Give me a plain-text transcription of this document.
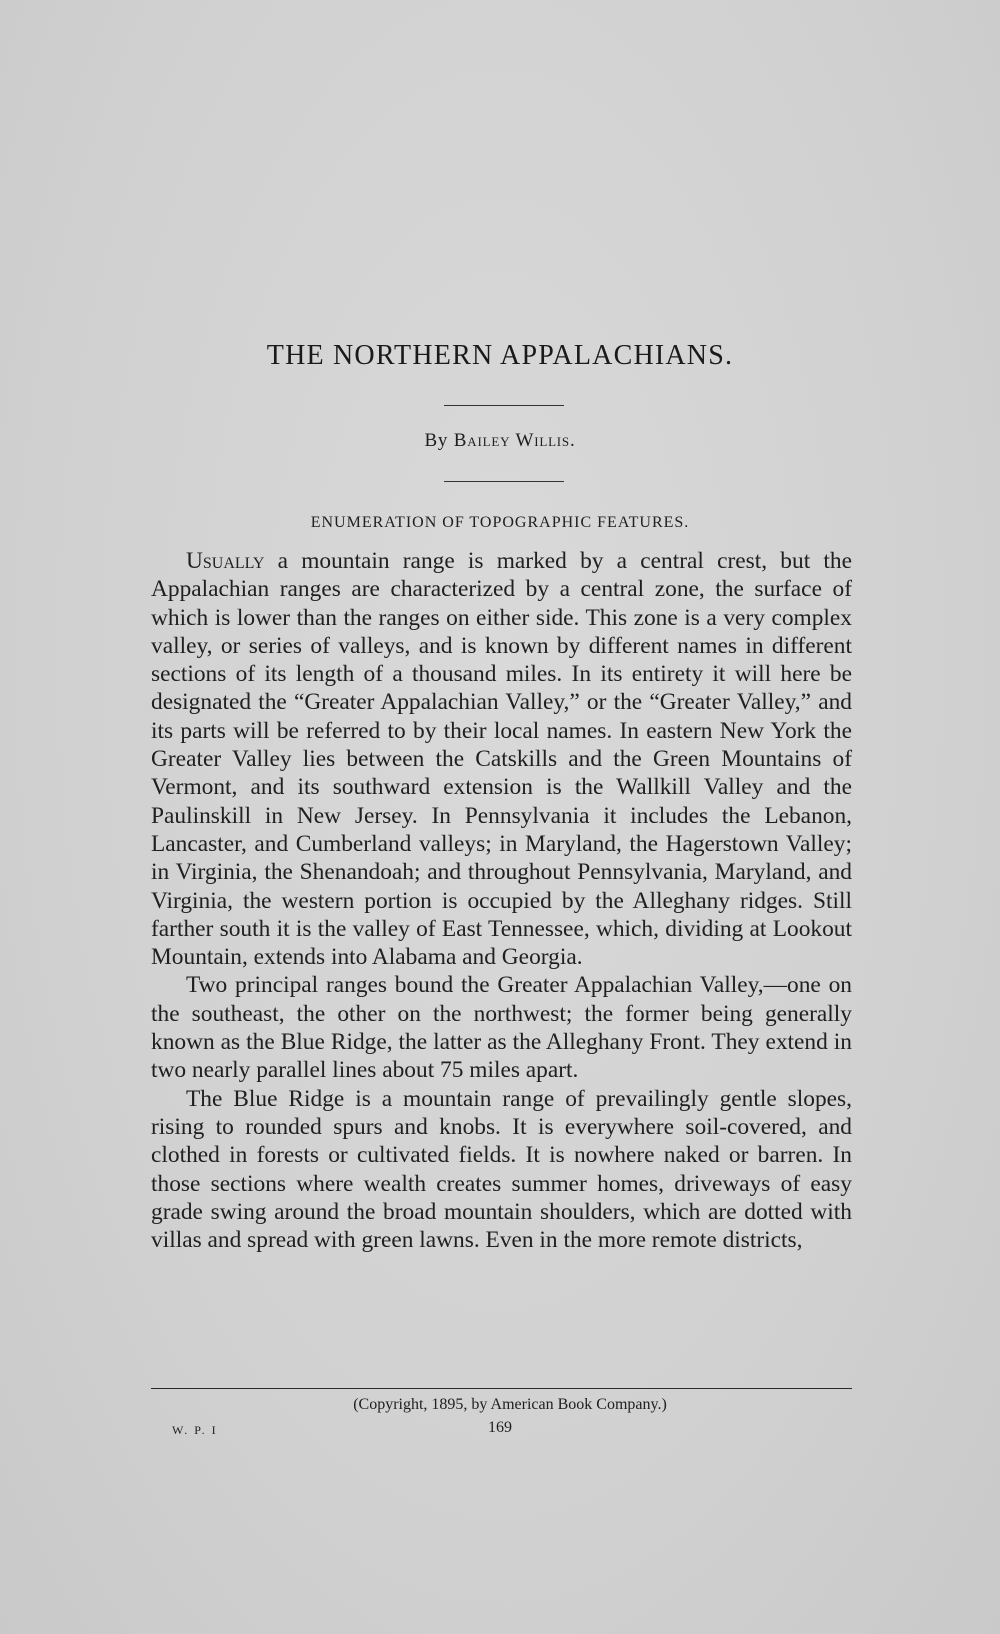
THE NORTHERN APPALACHIANS.
By Bailey Willis.
ENUMERATION OF TOPOGRAPHIC FEATURES.

Usually a mountain range is marked by a central crest, but the Appalachian ranges are characterized by a central zone, the surface of which is lower than the ranges on either side. This zone is a very complex valley, or series of valleys, and is known by different names in different sections of its length of a thousand miles. In its entirety it will here be designated the “Greater Appalachian Valley,” or the “Greater Valley,” and its parts will be referred to by their local names. In eastern New York the Greater Valley lies between the Catskills and the Green Mountains of Vermont, and its southward extension is the Wallkill Valley and the Paulinskill in New Jersey. In Pennsylvania it includes the Lebanon, Lancaster, and Cumberland valleys; in Maryland, the Hagerstown Valley; in Virginia, the Shenandoah; and throughout Pennsylvania, Maryland, and Virginia, the western portion is occupied by the Alleghany ridges. Still farther south it is the valley of East Tennessee, which, dividing at Lookout Mountain, extends into Alabama and Georgia.

Two principal ranges bound the Greater Appalachian Valley,—one on the southeast, the other on the northwest; the former being generally known as the Blue Ridge, the latter as the Alleghany Front. They extend in two nearly parallel lines about 75 miles apart.

The Blue Ridge is a mountain range of prevailingly gentle slopes, rising to rounded spurs and knobs. It is everywhere soil-covered, and clothed in forests or cultivated fields. It is nowhere naked or barren. In those sections where wealth creates summer homes, driveways of easy grade swing around the broad mountain shoulders, which are dotted with villas and spread with green lawns. Even in the more remote districts,

(Copyright, 1895, by American Book Company.)
W. P. I	169
